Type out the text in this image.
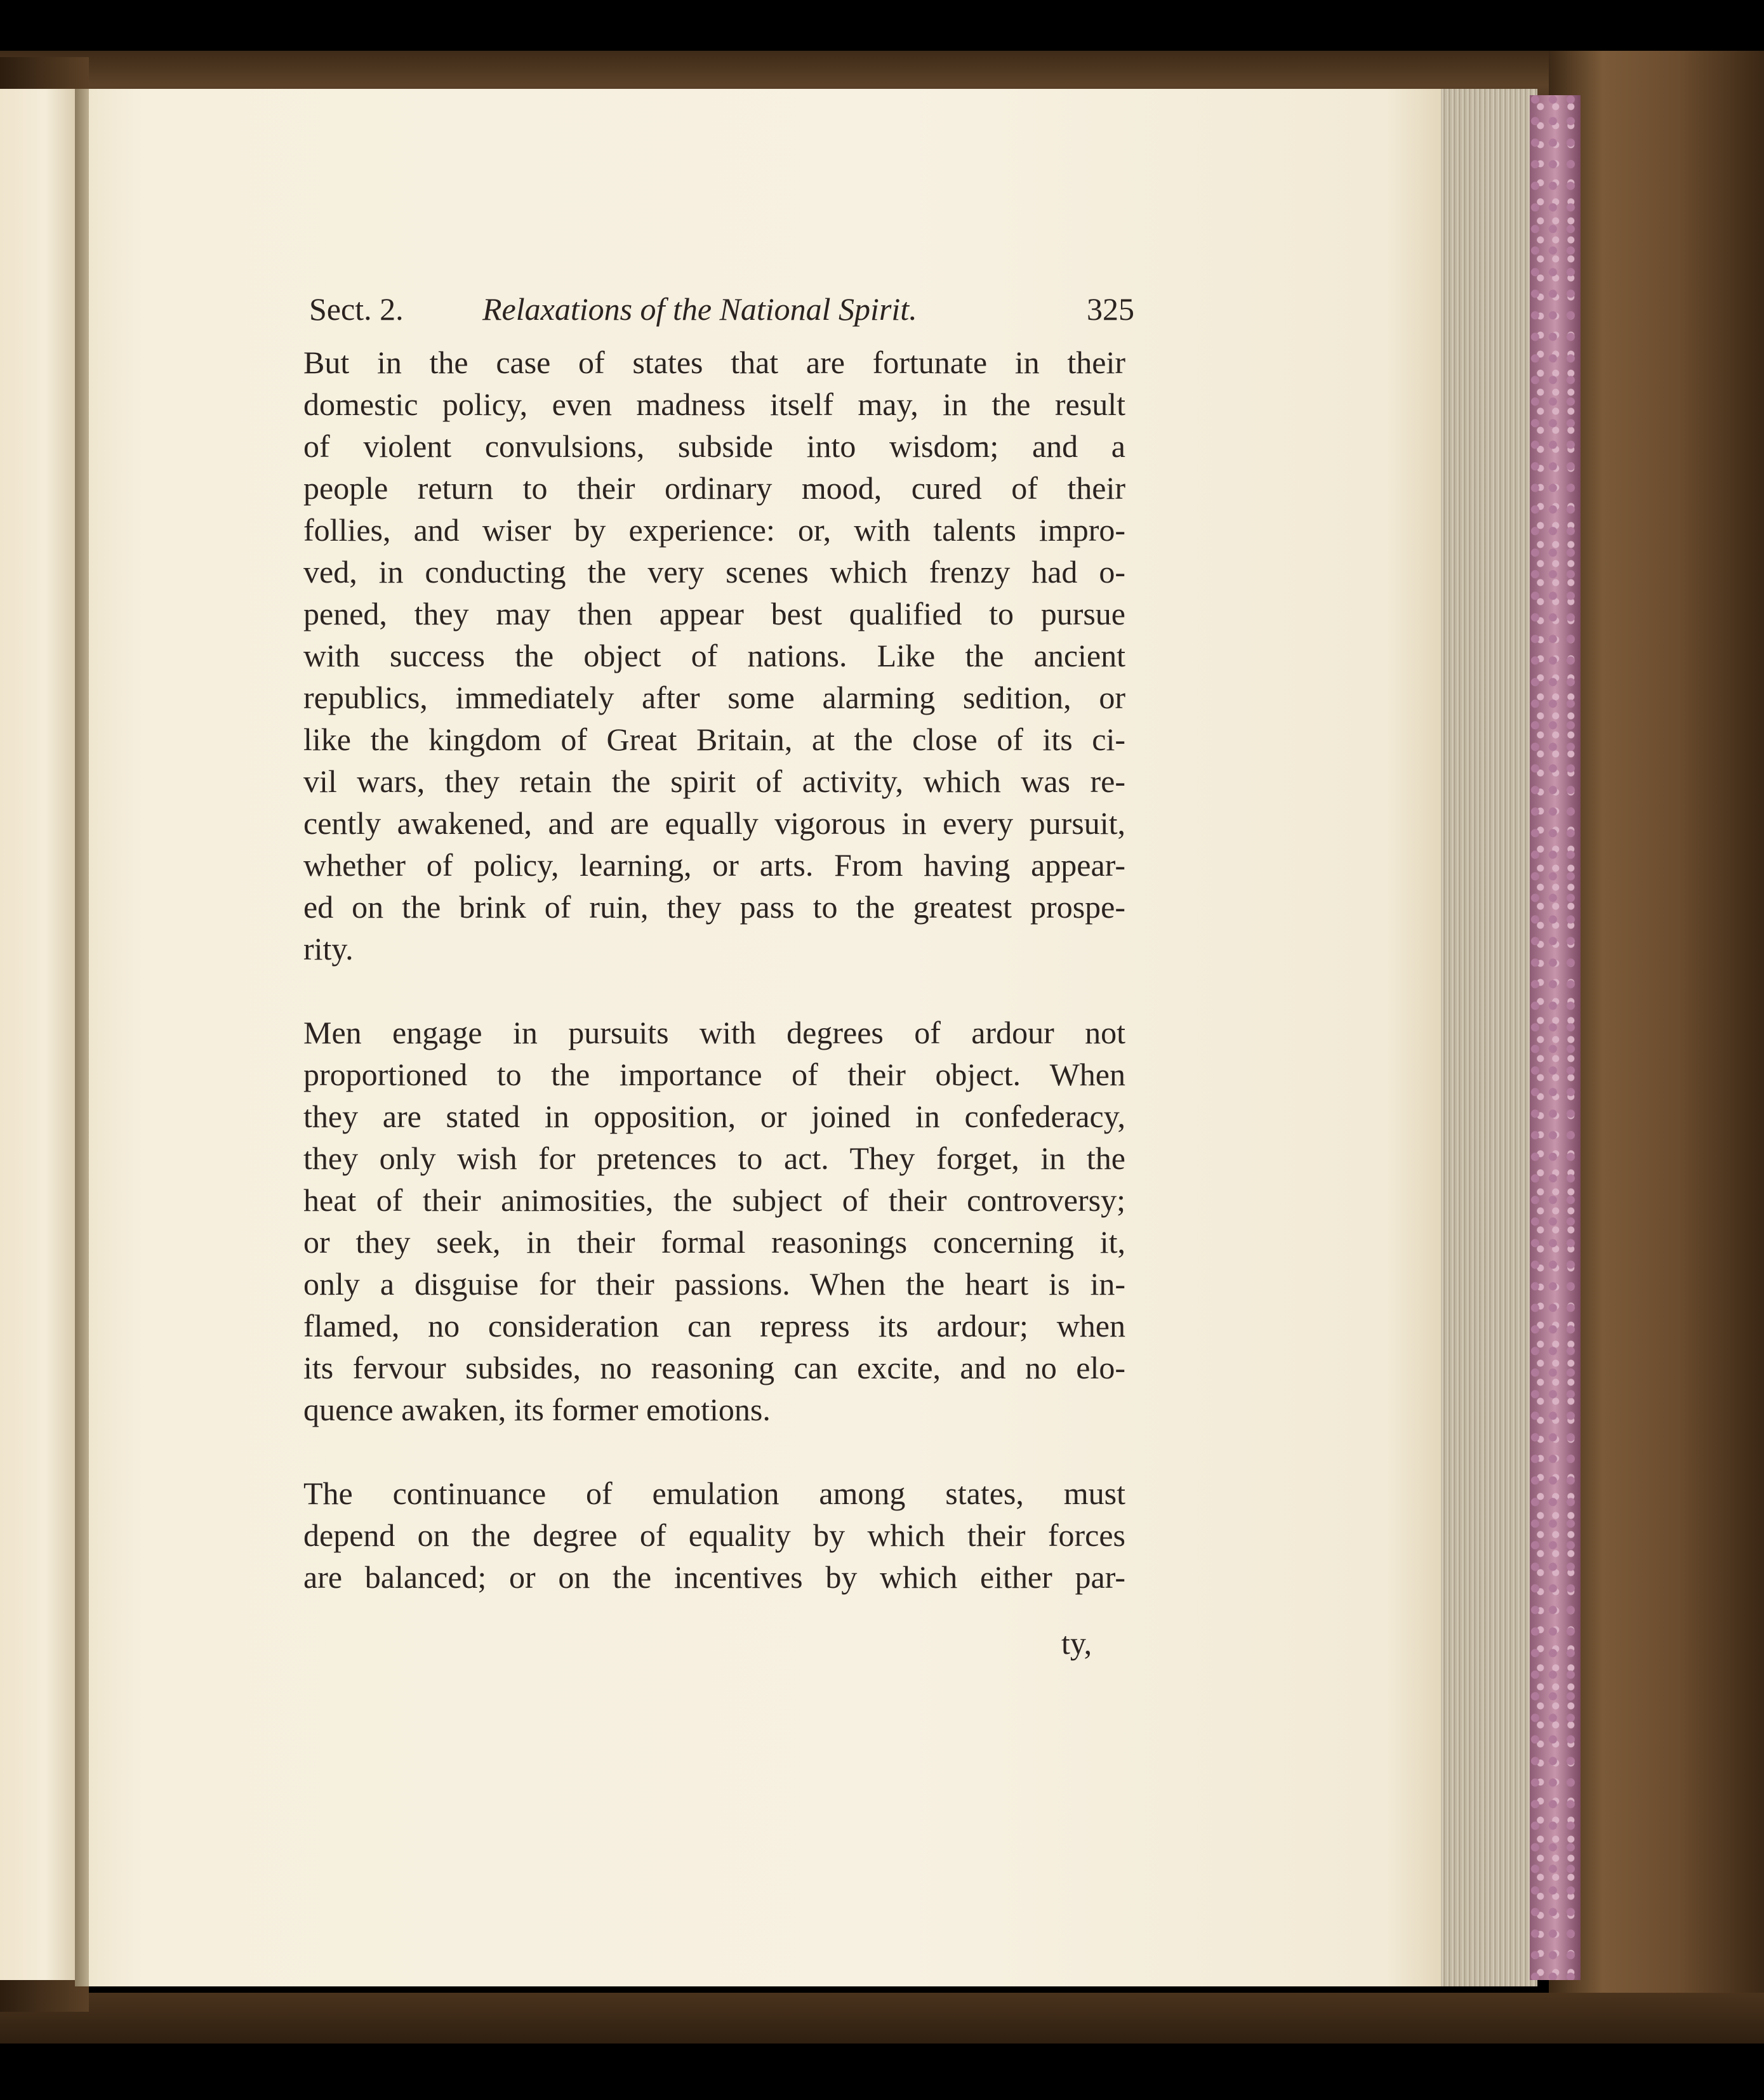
Sect. 2. Relaxations of the National Spirit.	325
But in the case of states that are fortunate in their
domestic policy, even madness itself may, in the result
of violent convulsions, subside into wisdom; and a
people return to their ordinary mood, cured of their
follies, and wiser by experience: or, with talents impro-
ved, in conducting the very scenes which frenzy had o-
pened, they may then appear best qualified to pursue
with success the object of nations. Like the ancient
republics, immediately after some alarming sedition, or
like the kingdom of Great Britain, at the close of its ci-
vil wars, they retain the spirit of activity, which was re-
cently awakened, and are equally vigorous in every pursuit,
whether of policy, learning, or arts. From having appear-
ed on the brink of ruin, they pass to the greatest prospe-
rity.
Men engage in pursuits with degrees of ardour not
proportioned to the importance of their object. When
they are stated in opposition, or joined in confederacy,
they only wish for pretences to act. They forget, in the
heat of their animosities, the subject of their controversy;
or they seek, in their formal reasonings concerning it,
only a disguise for their passions. When the heart is in-
flamed, no consideration can repress its ardour; when
its fervour subsides, no reasoning can excite, and no elo-
quence awaken, its former emotions.
The continuance of emulation among states, must
depend on the degree of equality by which their forces
are balanced; or on the incentives by which either par-
ty,
